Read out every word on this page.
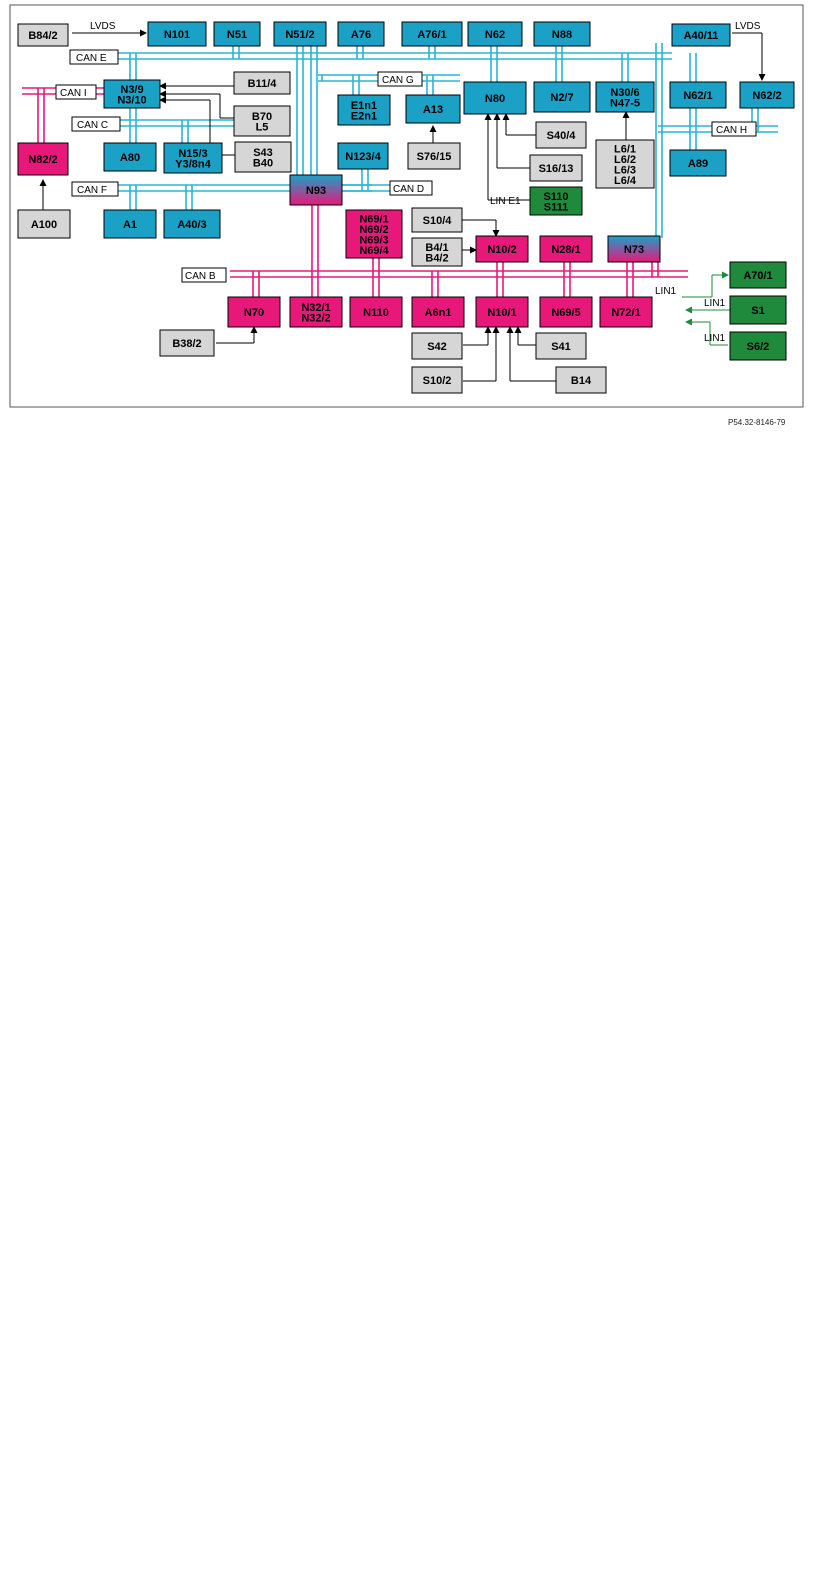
CAN E
CAN I
CAN C
CAN F
CAN G
CAN D
CAN H
CAN B
LVDS	LVDS
LIN E1
LIN1
LIN1
LIN1
B84/2	N101	N51	N51/2	A76	A76/1	N62	N88	A40/11
N3/9 N3/10
B11/4
B70 L5
S43 B40
E1n1 E2n1
A13
N80	N2/7	N30/6 N47-5
N62/1	N62/2
N82/2	A80	N15/3 Y3/8n4
N123/4
S40/4
S76/15
S16/13
L6/1 L6/2 L6/3 L6/4
A89
N93	S110 S111
A100	A1	A40/3	N69/1 N69/2 N69/3 N69/4
S10/4
B4/1 B4/2
N10/2	N28/1	N73
A70/1
N70	N32/1 N32/2	N110	A6n1	N10/1	N69/5	N72/1	S1
S6/2
B38/2	S42	S41
S10/2	B14
P54.32-8146-79
